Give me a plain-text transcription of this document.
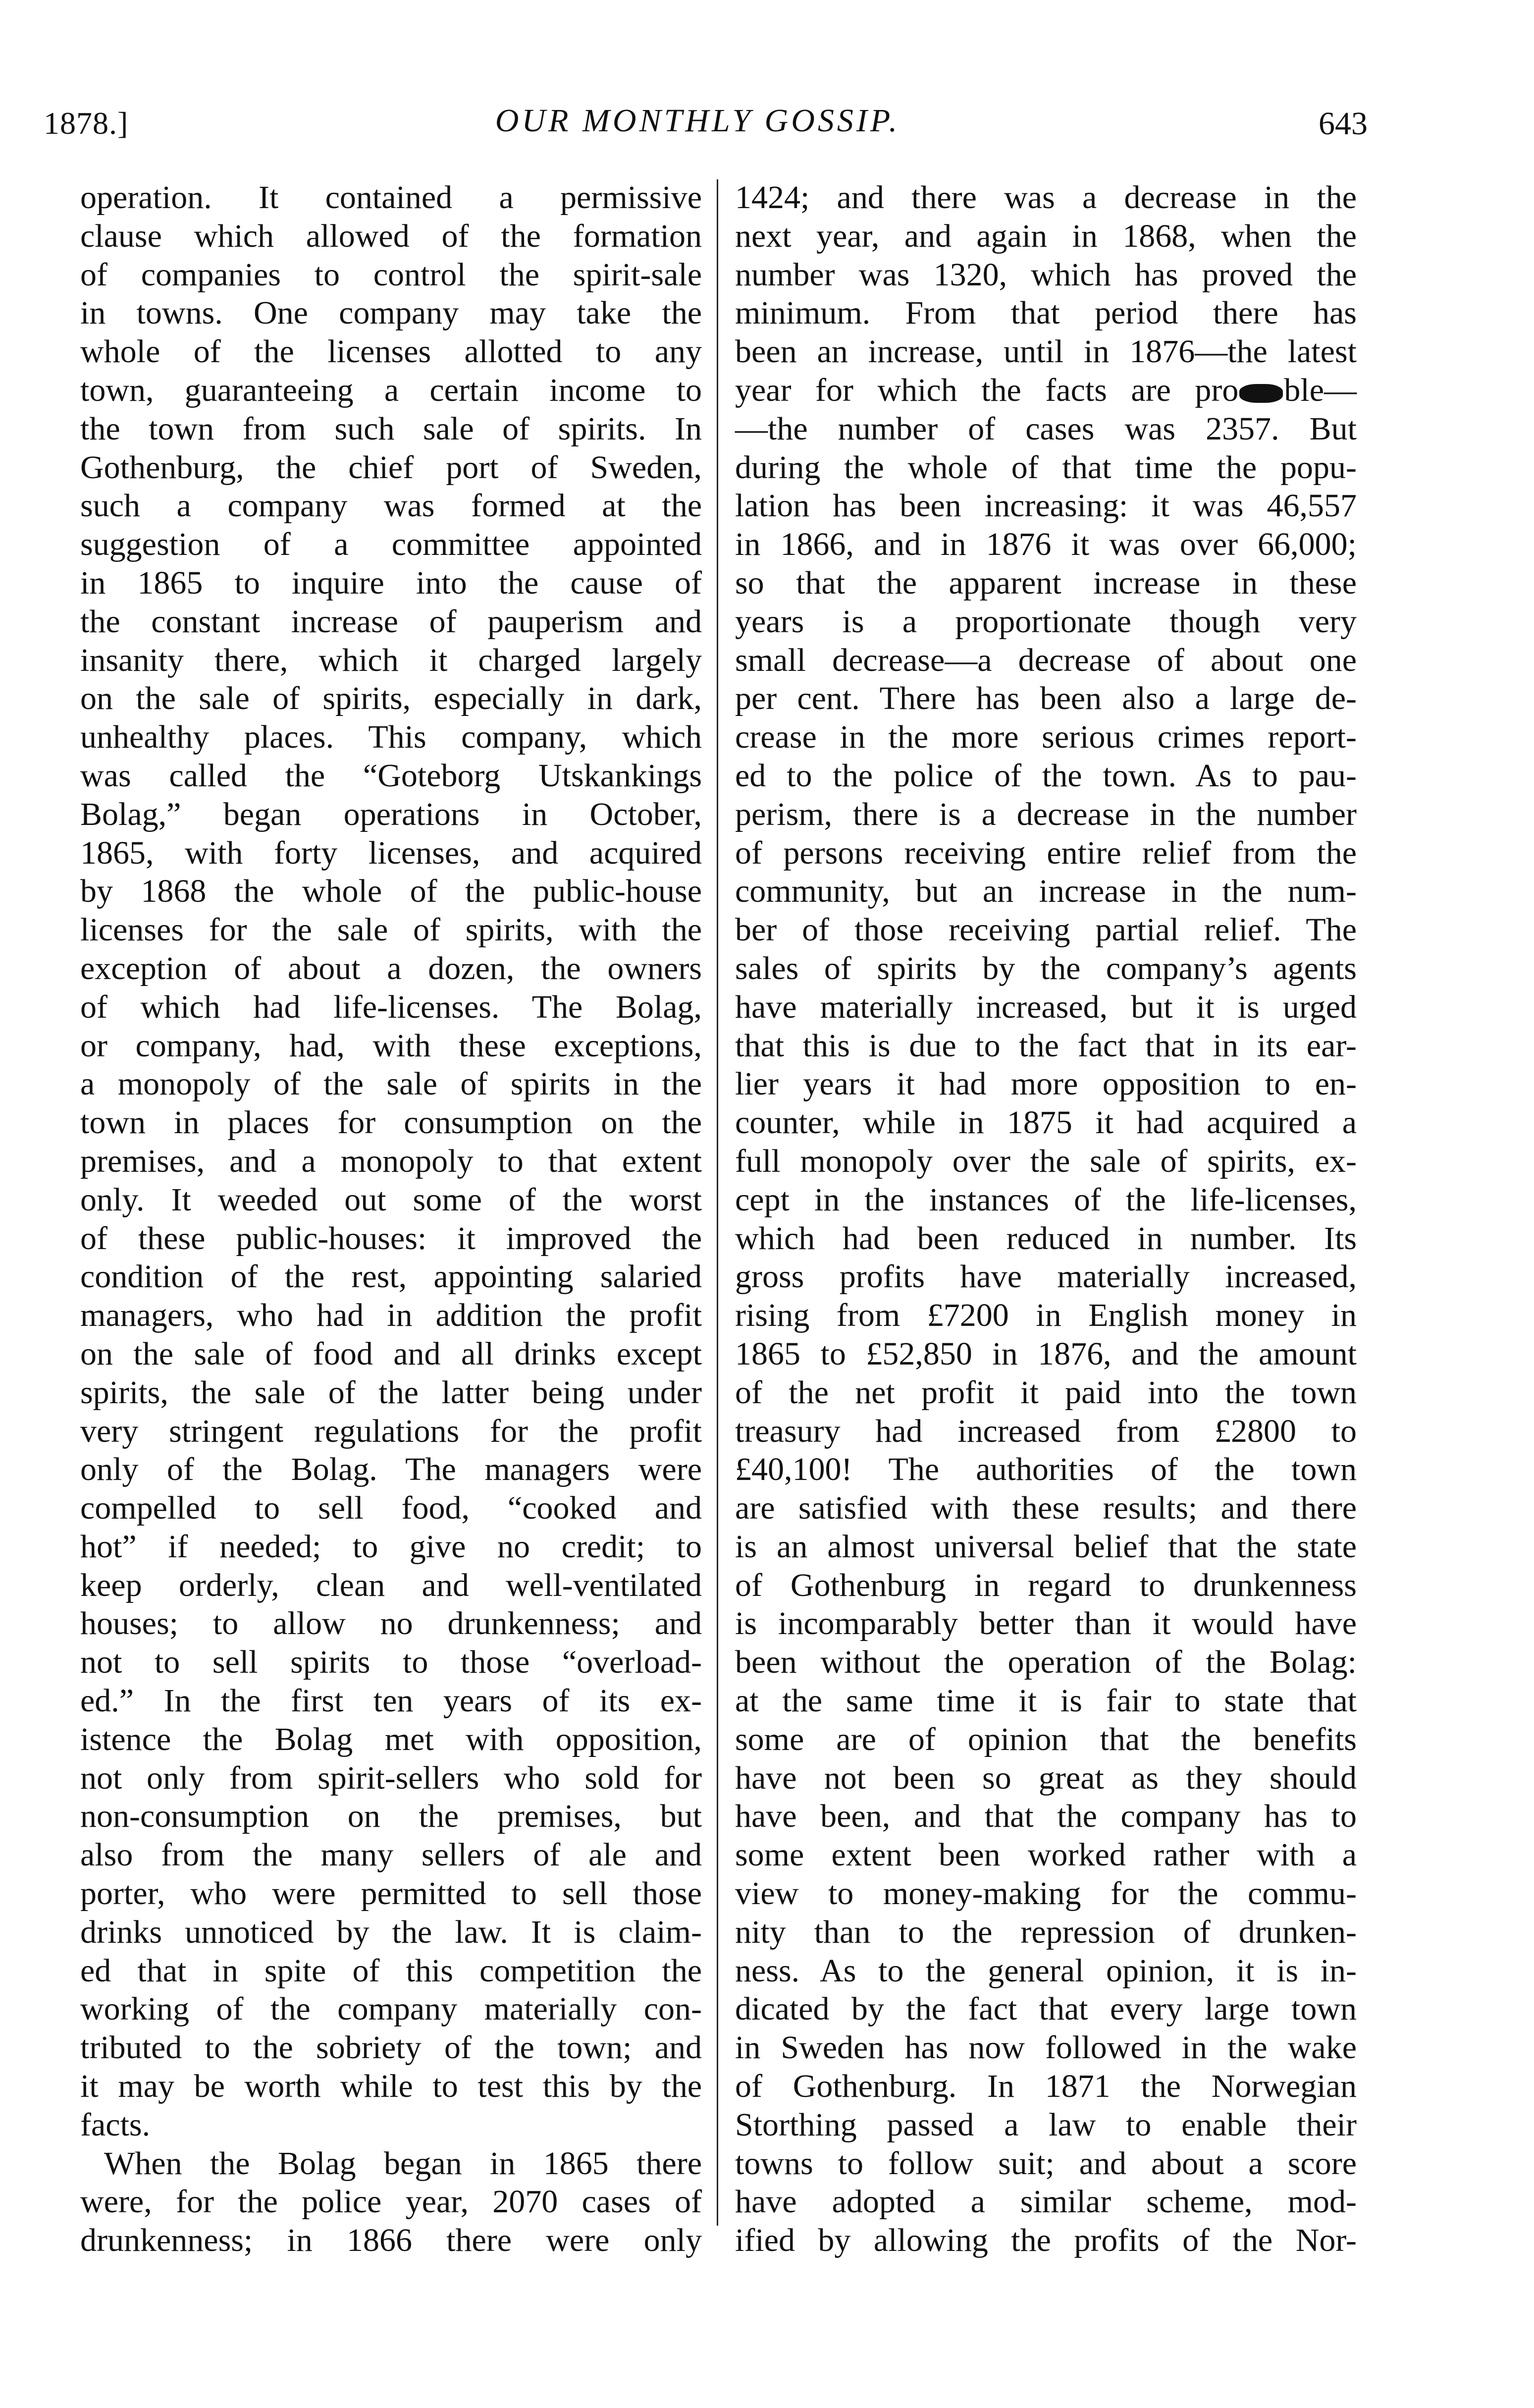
1878.]	OUR MONTHLY GOSSIP.	643
operation. It contained a permissive
clause which allowed of the formation
of companies to control the spirit-sale
in towns. One company may take the
whole of the licenses allotted to any
town, guaranteeing a certain income to
the town from such sale of spirits. In
Gothenburg, the chief port of Sweden,
such a company was formed at the
suggestion of a committee appointed
in 1865 to inquire into the cause of
the constant increase of pauperism and
insanity there, which it charged largely
on the sale of spirits, especially in dark,
unhealthy places. This company, which
was called the “Goteborg Utskankings
Bolag,” began operations in October,
1865, with forty licenses, and acquired
by 1868 the whole of the public-house
licenses for the sale of spirits, with the
exception of about a dozen, the owners
of which had life-licenses. The Bolag,
or company, had, with these exceptions,
a monopoly of the sale of spirits in the
town in places for consumption on the
premises, and a monopoly to that extent
only. It weeded out some of the worst
of these public-houses: it improved the
condition of the rest, appointing salaried
managers, who had in addition the profit
on the sale of food and all drinks except
spirits, the sale of the latter being under
very stringent regulations for the profit
only of the Bolag. The managers were
compelled to sell food, “cooked and
hot” if needed; to give no credit; to
keep orderly, clean and well-ventilated
houses; to allow no drunkenness; and
not to sell spirits to those “overload-
ed.” In the first ten years of its ex-
istence the Bolag met with opposition,
not only from spirit-sellers who sold for
non-consumption on the premises, but
also from the many sellers of ale and
porter, who were permitted to sell those
drinks unnoticed by the law. It is claim-
ed that in spite of this competition the
working of the company materially con-
tributed to the sobriety of the town; and
it may be worth while to test this by the
facts.
When the Bolag began in 1865 there
were, for the police year, 2070 cases of
drunkenness; in 1866 there were only
1424; and there was a decrease in the
next year, and again in 1868, when the
number was 1320, which has proved the
minimum. From that period there has
been an increase, until in 1876—the latest
year for which the facts are pro ble—
—the number of cases was 2357. But
during the whole of that time the popu-
lation has been increasing: it was 46,557
in 1866, and in 1876 it was over 66,000;
so that the apparent increase in these
years is a proportionate though very
small decrease—a decrease of about one
per cent. There has been also a large de-
crease in the more serious crimes report-
ed to the police of the town. As to pau-
perism, there is a decrease in the number
of persons receiving entire relief from the
community, but an increase in the num-
ber of those receiving partial relief. The
sales of spirits by the company’s agents
have materially increased, but it is urged
that this is due to the fact that in its ear-
lier years it had more opposition to en-
counter, while in 1875 it had acquired a
full monopoly over the sale of spirits, ex-
cept in the instances of the life-licenses,
which had been reduced in number. Its
gross profits have materially increased,
rising from £7200 in English money in
1865 to £52,850 in 1876, and the amount
of the net profit it paid into the town
treasury had increased from £2800 to
£40,100! The authorities of the town
are satisfied with these results; and there
is an almost universal belief that the state
of Gothenburg in regard to drunkenness
is incomparably better than it would have
been without the operation of the Bolag:
at the same time it is fair to state that
some are of opinion that the benefits
have not been so great as they should
have been, and that the company has to
some extent been worked rather with a
view to money-making for the commu-
nity than to the repression of drunken-
ness. As to the general opinion, it is in-
dicated by the fact that every large town
in Sweden has now followed in the wake
of Gothenburg. In 1871 the Norwegian
Storthing passed a law to enable their
towns to follow suit; and about a score
have adopted a similar scheme, mod-
ified by allowing the profits of the Nor-
